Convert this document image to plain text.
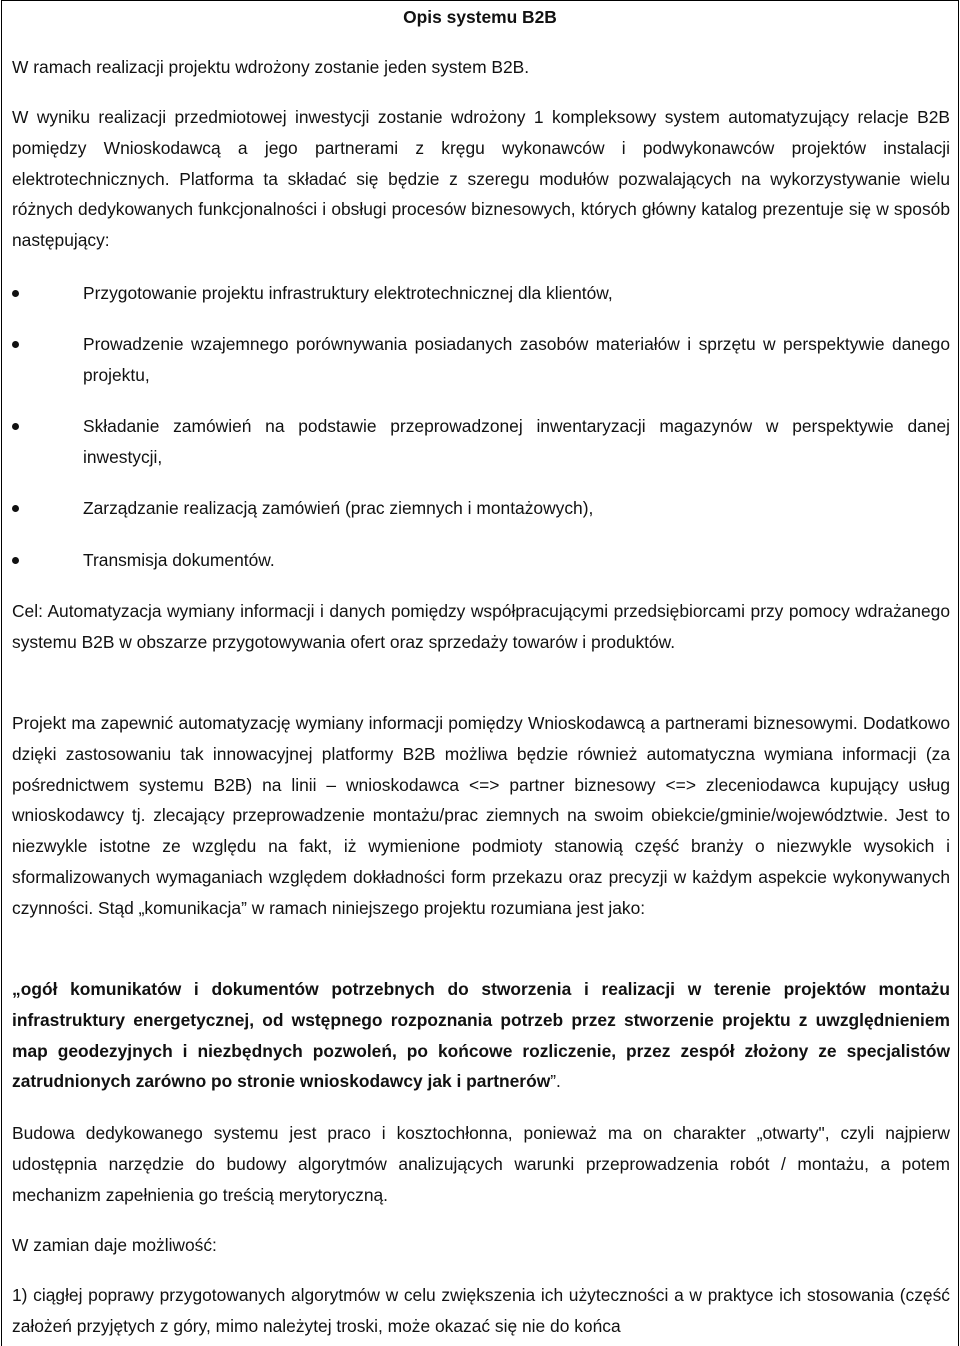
Opis systemu B2B

W ramach realizacji projektu wdrożony zostanie jeden system B2B.

W wyniku realizacji przedmiotowej inwestycji zostanie wdrożony 1 kompleksowy system automatyzujący relacje B2B pomiędzy Wnioskodawcą a jego partnerami z kręgu wykonawców i podwykonawców projektów instalacji elektrotechnicznych. Platforma ta składać się będzie z szeregu modułów pozwalających na wykorzystywanie wielu różnych dedykowanych funkcjonalności i obsługi procesów biznesowych, których główny katalog prezentuje się w sposób następujący:

Przygotowanie projektu infrastruktury elektrotechnicznej dla klientów,
Prowadzenie wzajemnego porównywania posiadanych zasobów materiałów i sprzętu w perspektywie danego projektu,
Składanie zamówień na podstawie przeprowadzonej inwentaryzacji magazynów w perspektywie danej inwestycji,
Zarządzanie realizacją zamówień (prac ziemnych i montażowych),
Transmisja dokumentów.

Cel: Automatyzacja wymiany informacji i danych pomiędzy współpracującymi przedsiębiorcami przy pomocy wdrażanego systemu B2B w obszarze przygotowywania ofert oraz sprzedaży towarów i produktów.

Projekt ma zapewnić automatyzację wymiany informacji pomiędzy Wnioskodawcą a partnerami biznesowymi. Dodatkowo dzięki zastosowaniu tak innowacyjnej platformy B2B możliwa będzie również automatyczna wymiana informacji (za pośrednictwem systemu B2B) na linii – wnioskodawca <=> partner biznesowy <=> zleceniodawca kupujący usług wnioskodawcy tj. zlecający przeprowadzenie montażu/prac ziemnych na swoim obiekcie/gminie/województwie. Jest to niezwykle istotne ze względu na fakt, iż wymienione podmioty stanowią część branży o niezwykle wysokich i sformalizowanych wymaganiach względem dokładności form przekazu oraz precyzji w każdym aspekcie wykonywanych czynności. Stąd „komunikacja” w ramach niniejszego projektu rozumiana jest jako:

„ogół komunikatów i dokumentów potrzebnych do stworzenia i realizacji w terenie projektów montażu infrastruktury energetycznej, od wstępnego rozpoznania potrzeb przez stworzenie projektu z uwzględnieniem map geodezyjnych i niezbędnych pozwoleń, po końcowe rozliczenie, przez zespół złożony ze specjalistów zatrudnionych zarówno po stronie wnioskodawcy jak i partnerów”.

Budowa dedykowanego systemu jest praco i kosztochłonna, ponieważ ma on charakter „otwarty", czyli najpierw udostępnia narzędzie do budowy algorytmów analizujących warunki przeprowadzenia robót / montażu, a potem mechanizm zapełnienia go treścią merytoryczną.

W zamian daje możliwość:

1) ciągłej poprawy przygotowanych algorytmów w celu zwiększenia ich użyteczności a w praktyce ich stosowania (część założeń przyjętych z góry, mimo należytej troski, może okazać się nie do końca
